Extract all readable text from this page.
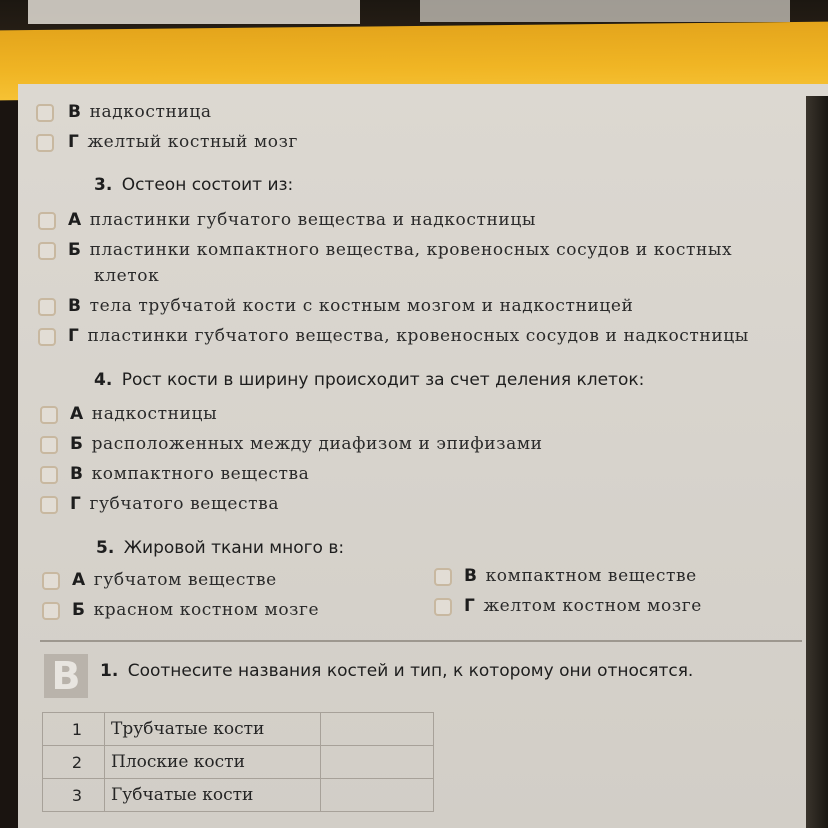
В надкостница
Г желтый костный мозг
3. Остеон состоит из:
А пластинки губчатого вещества и надкостницы
Б пластинки компактного вещества, кровеносных сосудов и костных
клеток
В тела трубчатой кости с костным мозгом и надкостницей
Г пластинки губчатого вещества, кровеносных сосудов и надкостницы
4. Рост кости в ширину происходит за счет деления клеток:
А надкостницы
Б расположенных между диафизом и эпифизами
В компактного вещества
Г губчатого вещества
5. Жировой ткани много в:
А губчатом веществе
Б красном костном мозге
В компактном веществе
Г желтом костном мозге
В	1. Соотнесите названия костей и тип, к которому они относятся.
1	Трубчатые кости	
2	Плоские кости	
3	Губчатые кости	
